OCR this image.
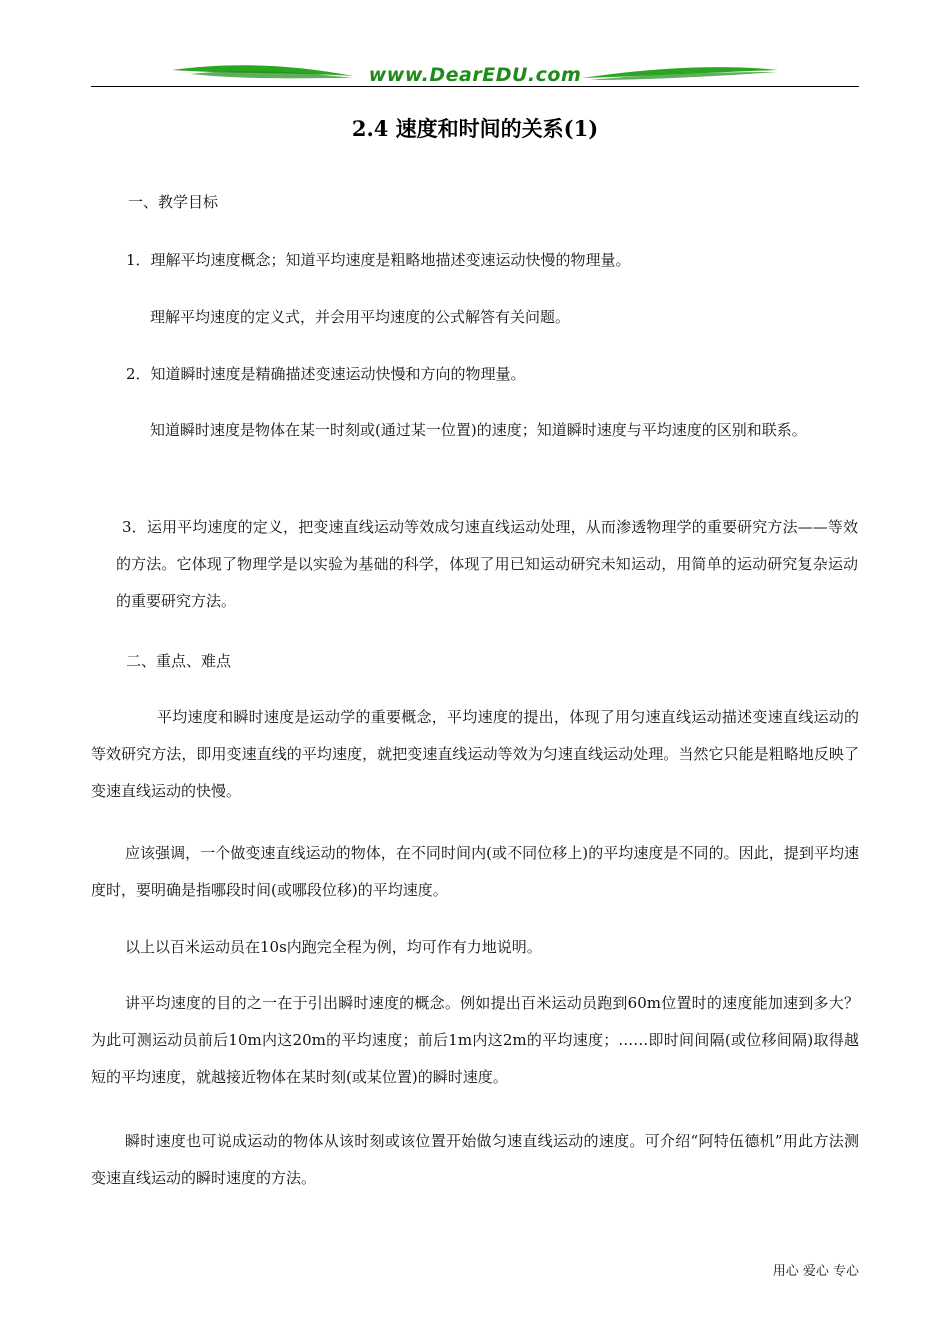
www.DearEDU.com
2.4 速度和时间的关系(1)
一、教学目标
1．理解平均速度概念；知道平均速度是粗略地描述变速运动快慢的物理量。
理解平均速度的定义式，并会用平均速度的公式解答有关问题。
2．知道瞬时速度是精确描述变速运动快慢和方向的物理量。
知道瞬时速度是物体在某一时刻或(通过某一位置)的速度；知道瞬时速度与平均速度的区别和联系。
3．运用平均速度的定义，把变速直线运动等效成匀速直线运动处理，从而渗透物理学的重要研究方法——等效的方法。它体现了物理学是以实验为基础的科学，体现了用已知运动研究未知运动，用简单的运动研究复杂运动的重要研究方法。
二、重点、难点
平均速度和瞬时速度是运动学的重要概念，平均速度的提出，体现了用匀速直线运动描述变速直线运动的等效研究方法，即用变速直线的平均速度，就把变速直线运动等效为匀速直线运动处理。当然它只能是粗略地反映了变速直线运动的快慢。
应该强调，一个做变速直线运动的物体，在不同时间内(或不同位移上)的平均速度是不同的。因此，提到平均速度时，要明确是指哪段时间(或哪段位移)的平均速度。
以上以百米运动员在10s内跑完全程为例，均可作有力地说明。
讲平均速度的目的之一在于引出瞬时速度的概念。例如提出百米运动员跑到60m位置时的速度能加速到多大？为此可测运动员前后10m内这20m的平均速度；前后1m内这2m的平均速度；……即时间间隔(或位移间隔)取得越短的平均速度，就越接近物体在某时刻(或某位置)的瞬时速度。
瞬时速度也可说成运动的物体从该时刻或该位置开始做匀速直线运动的速度。可介绍“阿特伍德机”用此方法测变速直线运动的瞬时速度的方法。
用心 爱心 专心
